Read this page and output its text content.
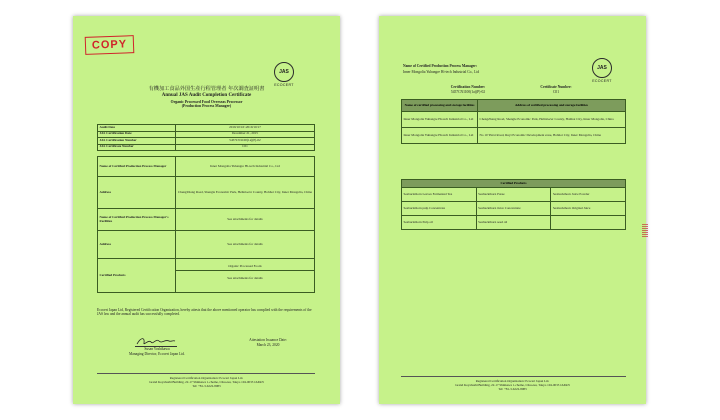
COPY
JAS
ECOCERT
有機加工食品外国生産行程管理者 年次調査証明書
Annual JAS Audit Completion Certificate
Organic Processed Food Overseas Processor
(Production Process Manager)
Audit Date	2019/10/16~2019/10/17
JAS Certification Date	December 21, 2015
JAS Certification Number	5457CN1100(1a)(P)-02
JAS Certificate Number	C01
Name of Certified Production Process Manager	Inner Mongolia Yuhangre Hi-tech Industrial Co., Ltd
Address	ChengZhang Road, Shengle Economic Park, HelinGe'er County, Hohhot City, Inner Mongolia, China
Name of Certified Production Process Manager's Facilities	See attachments for details
Address	See attachments for details
Certified Products	Organic Processed Foods
See attachments for details
Ecocert Japan Ltd, Registered Certification Organization, hereby attests that the above mentioned operator has complied with the requirements of the JAS law and the annual audit has successfully completed.
Susan Yoshikawa
Managing Director, Ecocert Japan Ltd.
Attestation Issuance Date:
March 23, 2020
Registered Certification Organization: Ecocert Japan Ltd.
Grand Koyabashi Building, 22-17 Shinkawa 1-chome, Chuo-ku, Tokyo 104-0033 JAPAN
Tel: +81-3-6222-8083
Name of Certified Production Process Manager:
Inner Mongolia Yuhangre Hi-tech Industrial Co., Ltd
JAS
ECOCERT
Certification Number:
5457CN1100(1a)(P)-02
Certificate Number:
C01
Name of certified processing and storage facilities	Address of certified processing and storage facilities
Inner Mongolia Yuhangre Hi-tech Industrial Co., Ltd	ChengZhang Road, Shengle Economic Park, HelinGe'er County, Hohhot City, Inner Mongolia, China
Inner Mongolia Yuhangre Hi-tech Industrial Co., Ltd	No 10 Yinxi Road, Ruyi Economic Development zone, Hohhot City, Inner Mongolia, China
Certified Products		
Seabuckthorn Leaves Fermented Tea	Seabuckthorn Puree	Seabuckthorn Juice Powder
Seabuckthorn pulp Concentrate	Seabuckthorn Juice Concentrate	Seabuckthorn Original Juice
Seabuckthorn Pulp oil	Seabuckthorn seed oil	
Registered Certification Organization: Ecocert Japan Ltd.
Grand Koyabashi Building, 22-17 Shinkawa 1-chome, Chuo-ku, Tokyo 104-0033 JAPAN
Tel: +81-3-6222-8083
